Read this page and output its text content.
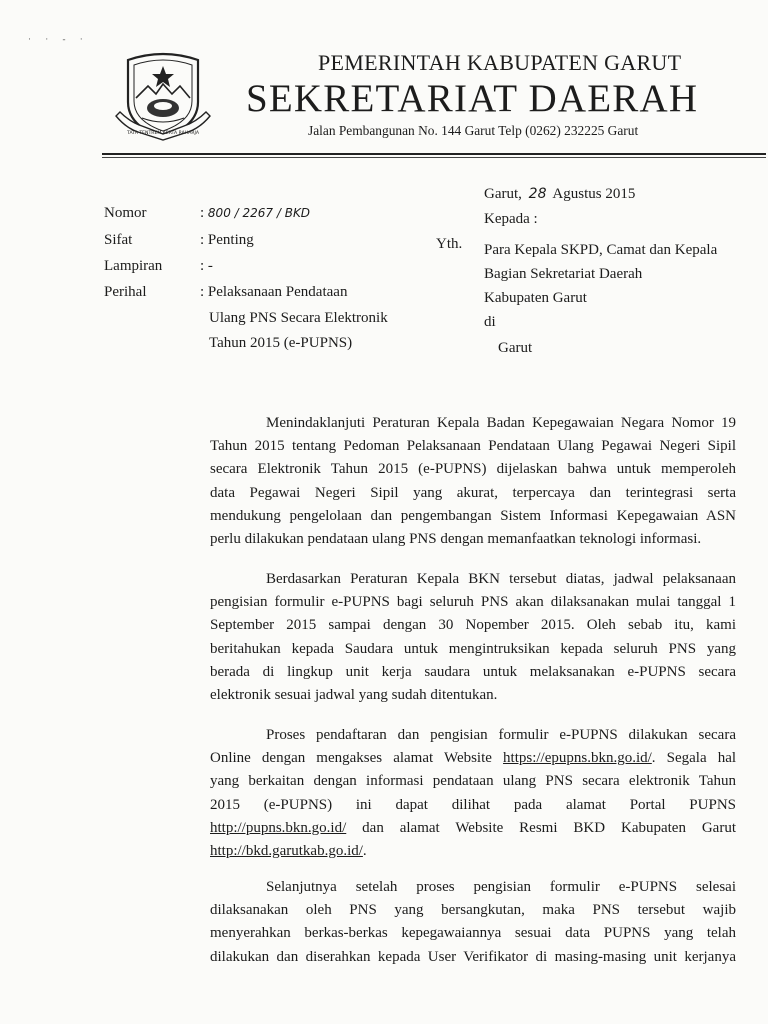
· · - ·
TATA TENTREM KERTA RAHARJA
PEMERINTAH KABUPATEN GARUT
SEKRETARIAT DAERAH
Jalan Pembangunan No. 144 Garut Telp (0262) 232225 Garut
Garut, 28 Agustus 2015
Nomor	: 800 / 2267 / BKD	Kepada :
Sifat	: Penting	Yth. Para Kepala SKPD, Camat dan Kepala
Bagian Sekretariat Daerah
Kabupaten Garut
di
Garut
Lampiran	: -
Perihal	: Pelaksanaan Pendataan
Ulang PNS Secara Elektronik
Tahun 2015 (e-PUPNS)
Menindaklanjuti Peraturan Kepala Badan Kepegawaian Negara Nomor 19
Tahun 2015 tentang Pedoman Pelaksanaan Pendataan Ulang Pegawai Negeri Sipil
secara Elektronik Tahun 2015 (e-PUPNS) dijelaskan bahwa untuk memperoleh
data Pegawai Negeri Sipil yang akurat, terpercaya dan terintegrasi serta
mendukung pengelolaan dan pengembangan Sistem Informasi Kepegawaian ASN
perlu dilakukan pendataan ulang PNS dengan memanfaatkan teknologi informasi.
Berdasarkan Peraturan Kepala BKN tersebut diatas, jadwal pelaksanaan
pengisian formulir e-PUPNS bagi seluruh PNS akan dilaksanakan mulai tanggal 1
September 2015 sampai dengan 30 Nopember 2015. Oleh sebab itu, kami
beritahukan kepada Saudara untuk mengintruksikan kepada seluruh PNS yang
berada di lingkup unit kerja saudara untuk melaksanakan e-PUPNS secara
elektronik sesuai jadwal yang sudah ditentukan.
Proses pendaftaran dan pengisian formulir e-PUPNS dilakukan secara
Online dengan mengakses alamat Website https://epupns.bkn.go.id/. Segala hal
yang berkaitan dengan informasi pendataan ulang PNS secara elektronik Tahun
2015 (e-PUPNS) ini dapat dilihat pada alamat Portal PUPNS
http://pupns.bkn.go.id/ dan alamat Website Resmi BKD Kabupaten Garut
http://bkd.garutkab.go.id/.
Selanjutnya setelah proses pengisian formulir e-PUPNS selesai
dilaksanakan oleh PNS yang bersangkutan, maka PNS tersebut wajib
menyerahkan berkas-berkas kepegawaiannya sesuai data PUPNS yang telah
dilakukan dan diserahkan kepada User Verifikator di masing-masing unit kerjanya
